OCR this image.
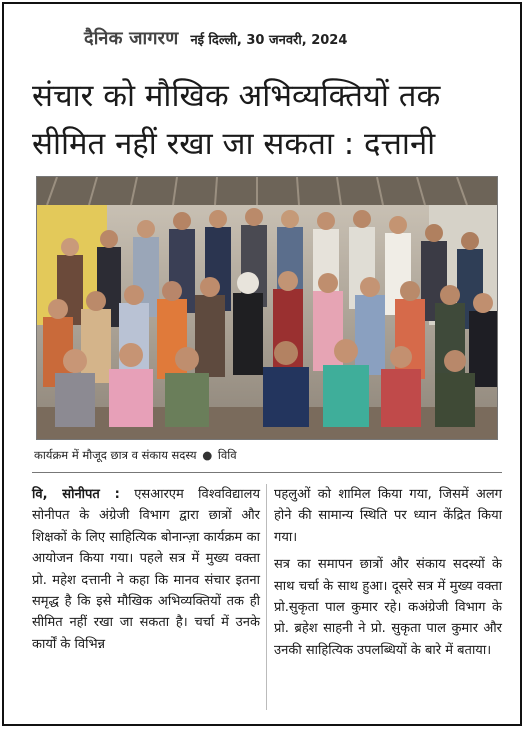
दैनिक जागरण नई दिल्ली, 30 जनवरी, 2024
संचार को मौखिक अभिव्यक्तियों तक
सीमित नहीं रखा जा सकता : दत्तानी
कार्यक्रम में मौजूद छात्र व संकाय सदस्य ● विवि

वि, सोनीपत : एसआरएम विश्वविद्यालय सोनीपत के अंग्रेजी विभाग द्वारा छात्रों और शिक्षकों के लिए साहित्यिक बोनान्ज़ा कार्यक्रम का आयोजन किया गया। पहले सत्र में मुख्य वक्ता प्रो. महेश दत्तानी ने कहा कि मानव संचार इतना समृद्ध है कि इसे मौखिक अभिव्यक्तियों तक ही सीमित नहीं रखा जा सकता है। चर्चा में उनके कार्यों के विभिन्न

पहलुओं को शामिल किया गया, जिसमें अलग होने की सामान्य स्थिति पर ध्यान केंद्रित किया गया।

सत्र का समापन छात्रों और संकाय सदस्यों के साथ चर्चा के साथ हुआ। दूसरे सत्र में मुख्य वक्ता प्रो.सुकृता पाल कुमार रहे। कअंग्रेजी विभाग के प्रो. ब्रहेश साहनी ने प्रो. सुकृता पाल कुमार और उनकी साहित्यिक उपलब्धियों के बारे में बताया।
